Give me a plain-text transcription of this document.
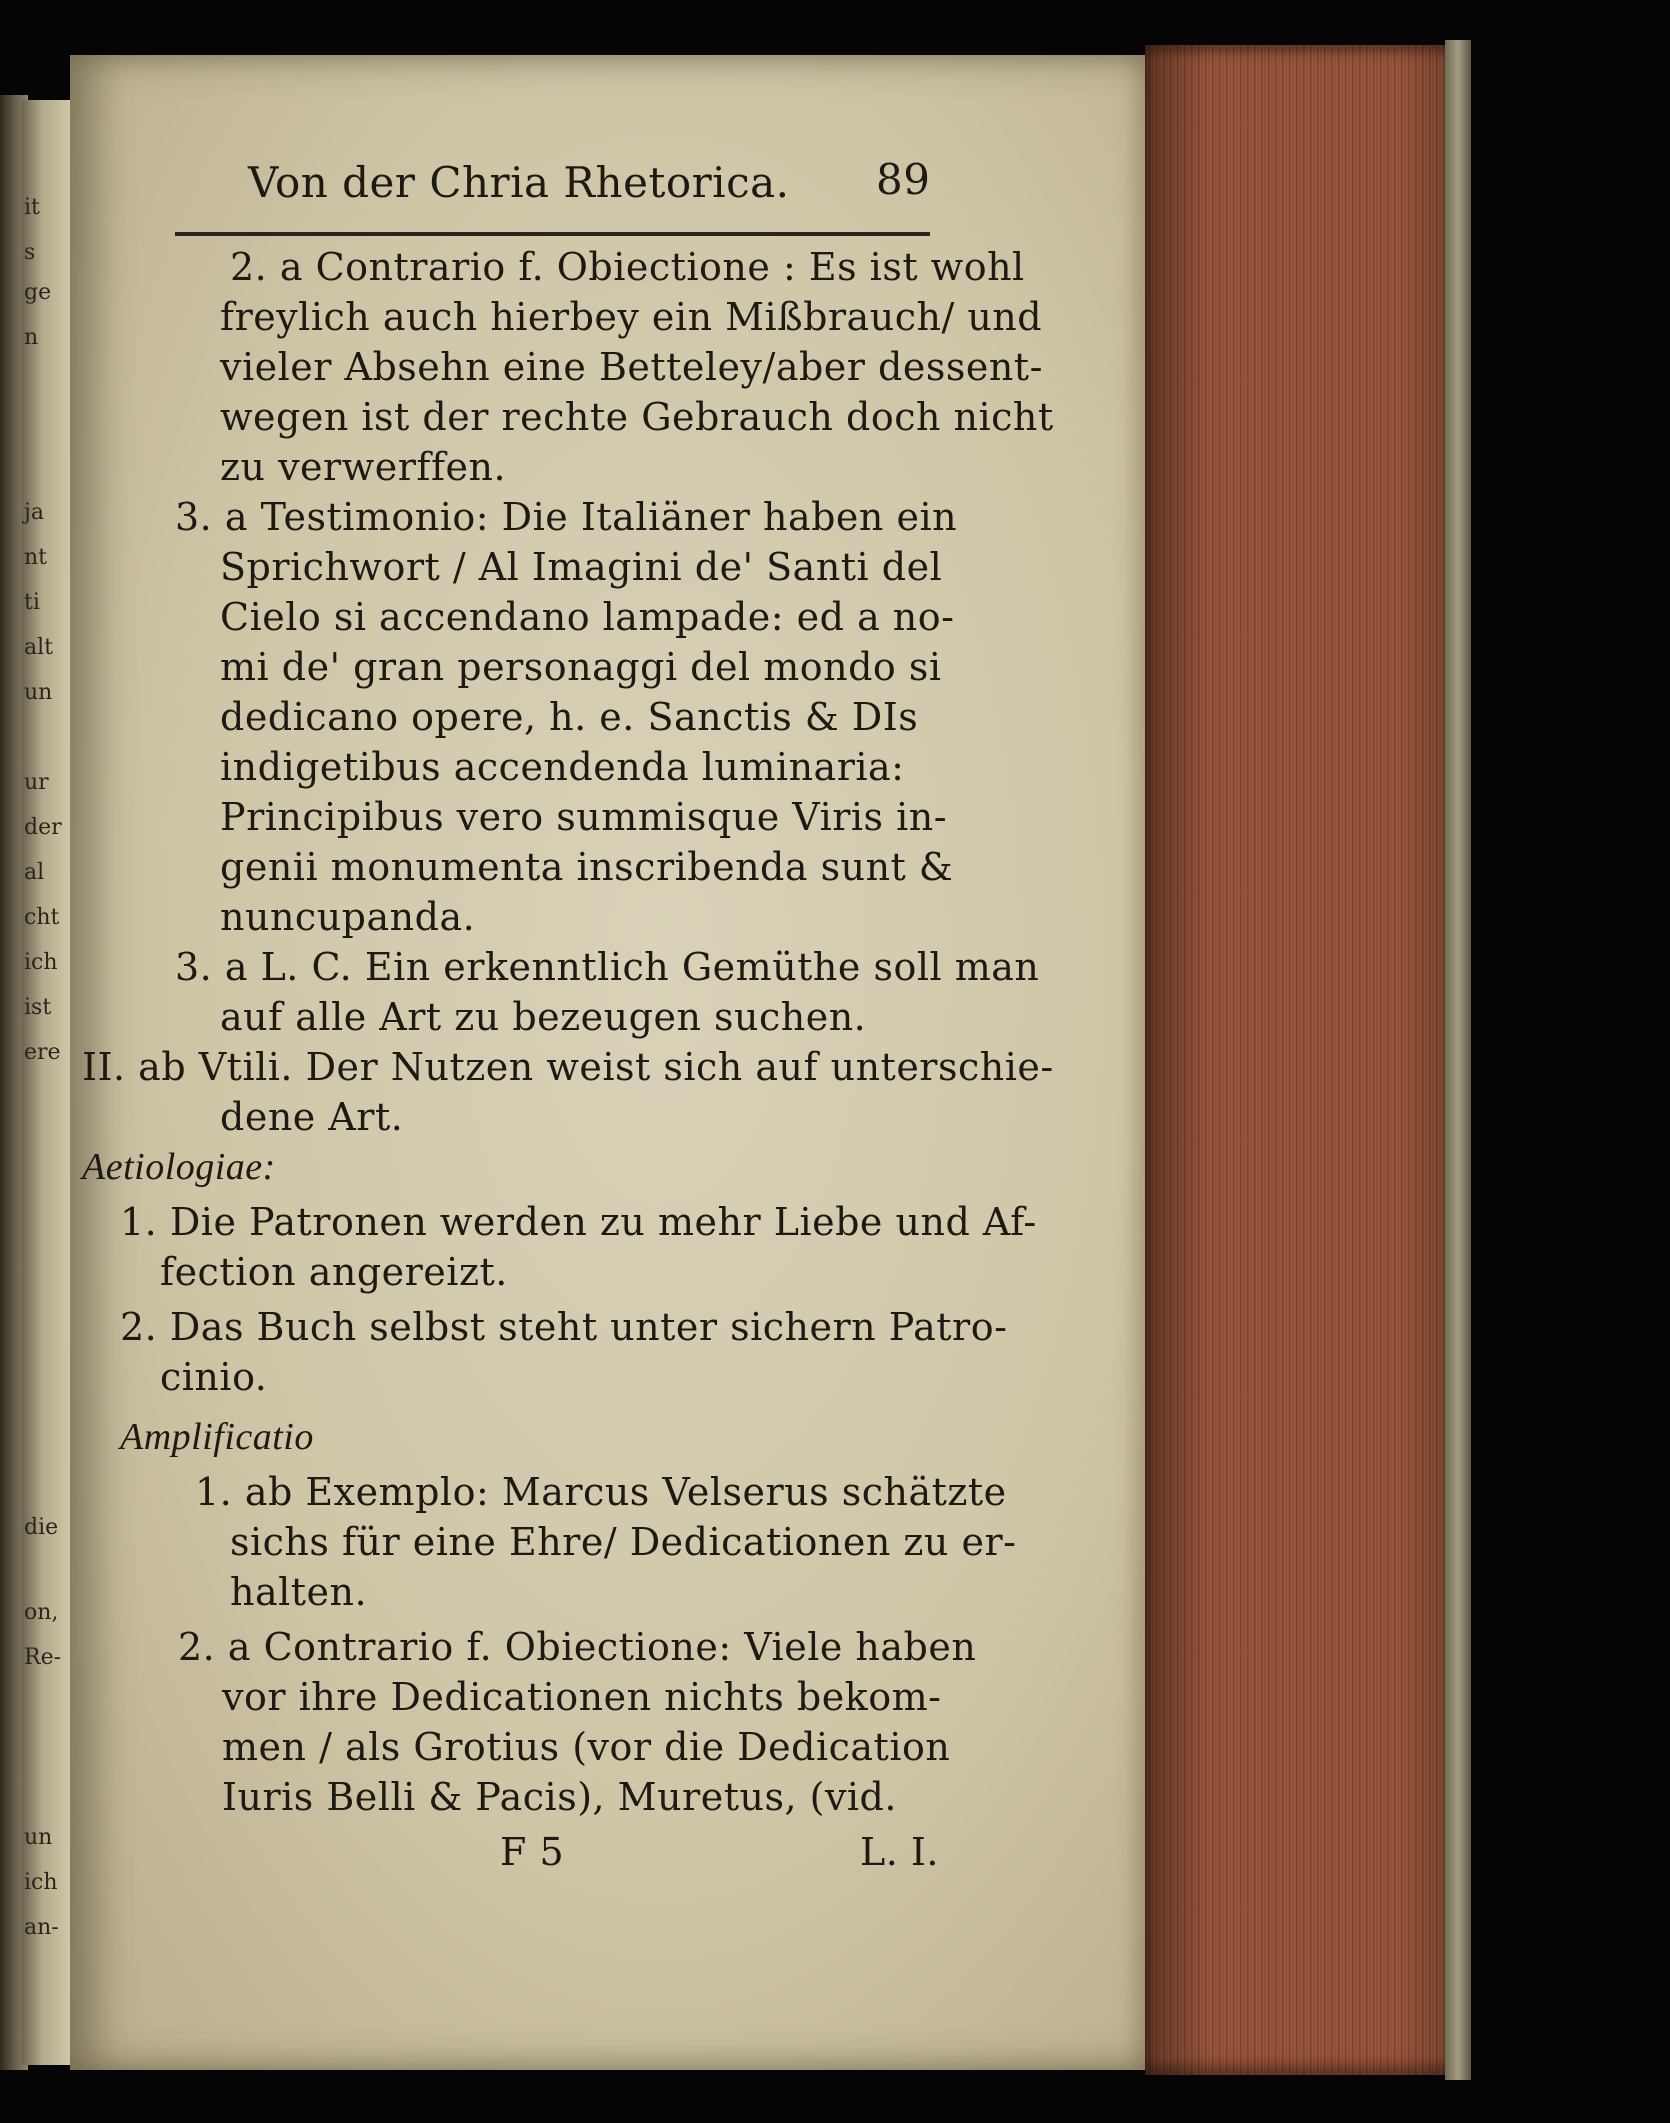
it
s
ge
n
ja
nt
ti
alt
un
ur
der
al
cht
ich
ist
ere
die
on,
Re-
un
ich
an-
Von der Chria Rhetorica. 89
2. a Contrario f. Obiectione : Es ist wohl
freylich auch hierbey ein Mißbrauch/ und
vieler Absehn eine Betteley/aber dessent-
wegen ist der rechte Gebrauch doch nicht
zu verwerffen.
3. a Testimonio: Die Italiäner haben ein
Sprichwort / Al Imagini de' Santi del
Cielo si accendano lampade: ed a no-
mi de' gran personaggi del mondo si
dedicano opere, h. e. Sanctis & DIs
indigetibus accendenda luminaria:
Principibus vero summisque Viris in-
genii monumenta inscribenda sunt &
nuncupanda.
3. a L. C. Ein erkenntlich Gemüthe soll man
auf alle Art zu bezeugen suchen.
II. ab Vtili. Der Nutzen weist sich auf unterschie-
dene Art.
Aetiologiae:
1. Die Patronen werden zu mehr Liebe und Af-
fection angereizt.
2. Das Buch selbst steht unter sichern Patro-
cinio.
Amplificatio
1. ab Exemplo: Marcus Velserus schätzte
sichs für eine Ehre/ Dedicationen zu er-
halten.
2. a Contrario f. Obiectione: Viele haben
vor ihre Dedicationen nichts bekom-
men / als Grotius (vor die Dedication
Iuris Belli & Pacis), Muretus, (vid.
F 5	L. I.
